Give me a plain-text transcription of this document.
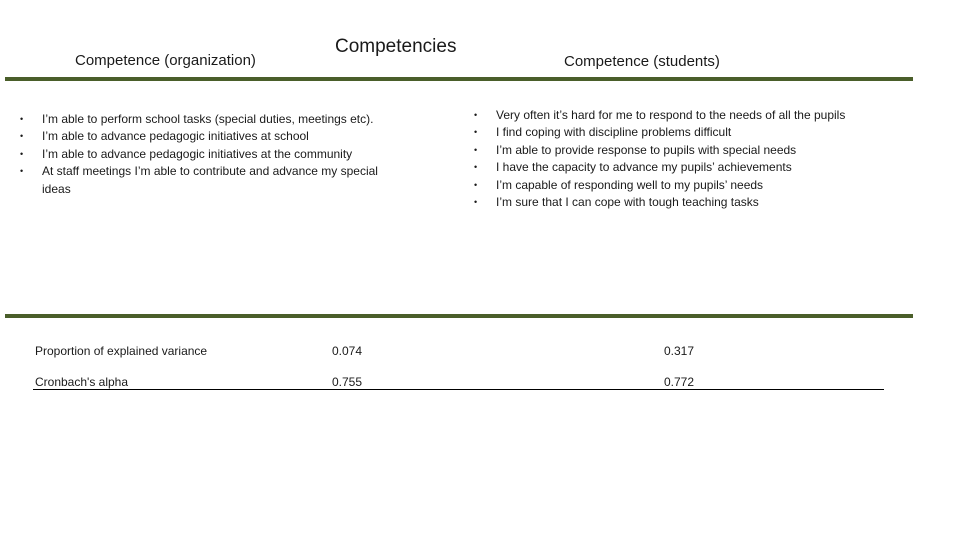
Competence (organization)
Competencies
Competence (students)
• I’m able to perform school tasks (special duties, meetings etc).
• I’m able to advance pedagogic initiatives at school
• I’m able to advance pedagogic initiatives at the community
• At staff meetings I’m able to contribute and advance my special ideas
• Very often it’s hard for me to respond to the needs of all the pupils
• I find coping with discipline problems difficult
• I’m able to provide response to pupils with special needs
• I have the capacity to advance my pupils’ achievements
• I’m capable of responding well to my pupils’ needs
• I’m sure that I can cope with tough teaching tasks
Proportion of explained variance	0.074	0.317
Cronbach's alpha	0.755	0.772
